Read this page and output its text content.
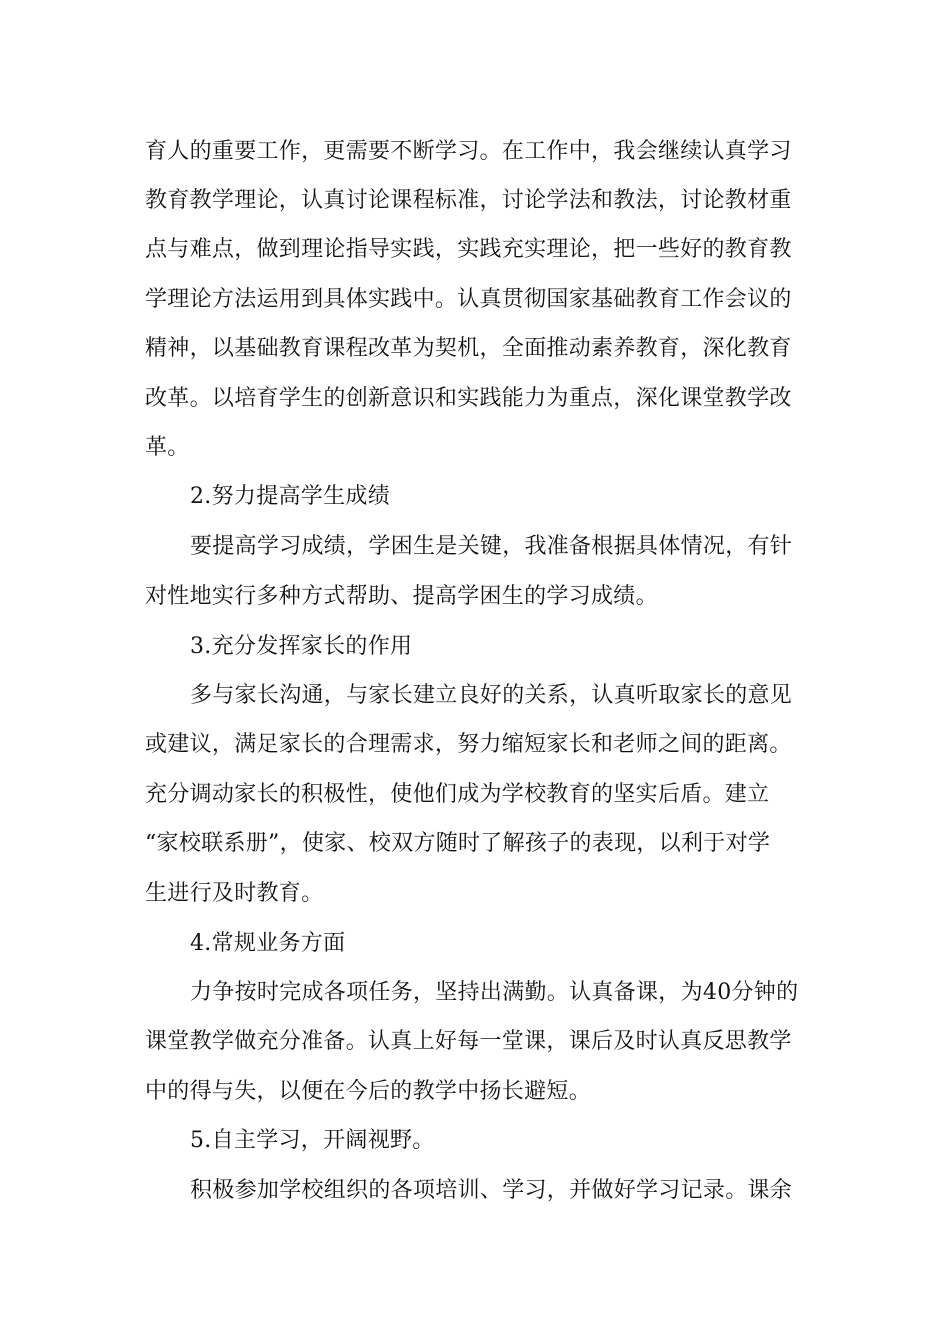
育人的重要工作，更需要不断学习。在工作中，我会继续认真学习
教育教学理论，认真讨论课程标准，讨论学法和教法，讨论教材重
点与难点，做到理论指导实践，实践充实理论，把一些好的教育教
学理论方法运用到具体实践中。认真贯彻国家基础教育工作会议的
精神，以基础教育课程改革为契机，全面推动素养教育，深化教育
改革。以培育学生的创新意识和实践能力为重点，深化课堂教学改
革。
2.努力提高学生成绩
要提高学习成绩，学困生是关键，我准备根据具体情况，有针
对性地实行多种方式帮助、提高学困生的学习成绩。
3.充分发挥家长的作用
多与家长沟通，与家长建立良好的关系，认真听取家长的意见
或建议，满足家长的合理需求，努力缩短家长和老师之间的距离。
充分调动家长的积极性，使他们成为学校教育的坚实后盾。建立
“家校联系册”，使家、校双方随时了解孩子的表现，以利于对学
生进行及时教育。
4.常规业务方面
力争按时完成各项任务，坚持出满勤。认真备课，为40分钟的
课堂教学做充分准备。认真上好每一堂课，课后及时认真反思教学
中的得与失，以便在今后的教学中扬长避短。
5.自主学习，开阔视野。
积极参加学校组织的各项培训、学习，并做好学习记录。课余
